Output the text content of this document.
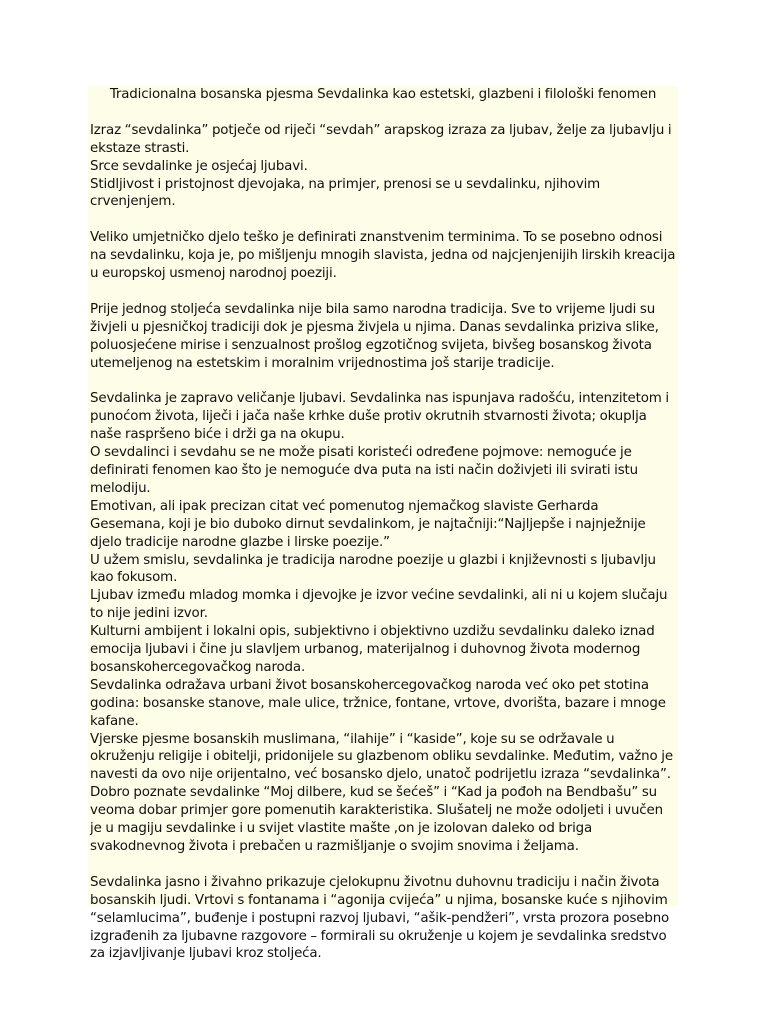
Tradicionalna bosanska pjesma Sevdalinka kao estetski, glazbeni i filološki fenomen
Izraz “sevdalinka” potječe od riječi “sevdah” arapskog izraza za ljubav, želje za ljubavlju i ekstaze strasti.
Srce sevdalinke je osjećaj ljubavi.
Stidljivost i pristojnost djevojaka, na primjer, prenosi se u sevdalinku, njihovim crvenjenjem.
Veliko umjetničko djelo teško je definirati znanstvenim terminima. To se posebno odnosi na sevdalinku, koja je, po mišljenju mnogih slavista, jedna od najcjenjenijih lirskih kreacija u europskoj usmenoj narodnoj poeziji.
Prije jednog stoljeća sevdalinka nije bila samo narodna tradicija. Sve to vrijeme ljudi su živjeli u pjesničkoj tradiciji dok je pjesma živjela u njima. Danas sevdalinka priziva slike, poluosjećene mirise i senzualnost prošlog egzotičnog svijeta, bivšeg bosanskog života utemeljenog na estetskim i moralnim vrijednostima još starije tradicije.
Sevdalinka je zapravo veličanje ljubavi. Sevdalinka nas ispunjava radošću, intenzitetom i punoćom života, liječi i jača naše krhke duše protiv okrutnih stvarnosti života; okuplja naše raspršeno biće i drži ga na okupu.
O sevdalinci i sevdahu se ne može pisati koristeći određene pojmove: nemoguće je definirati fenomen kao što je nemoguće dva puta na isti način doživjeti ili svirati istu melodiju.
Emotivan, ali ipak precizan citat već pomenutog njemačkog slaviste Gerharda Gesemana, koji je bio duboko dirnut sevdalinkom, je najtačniji:“Najljepše i najnježnije djelo tradicije narodne glazbe i lirske poezije.”
U užem smislu, sevdalinka je tradicija narodne poezije u glazbi i književnosti s ljubavlju kao fokusom.
Ljubav između mladog momka i djevojke je izvor većine sevdalinki, ali ni u kojem slučaju to nije jedini izvor.
Kulturni ambijent i lokalni opis, subjektivno i objektivno uzdižu sevdalinku daleko iznad emocija ljubavi i čine ju slavljem urbanog, materijalnog i duhovnog života modernog bosanskohercegovačkog naroda.
Sevdalinka odražava urbani život bosanskohercegovačkog naroda već oko pet stotina godina: bosanske stanove, male ulice, tržnice, fontane, vrtove, dvorišta, bazare i mnoge kafane.
Vjerske pjesme bosanskih muslimana, “ilahije” i “kaside”, koje su se održavale u okruženju religije i obitelji, pridonijele su glazbenom obliku sevdalinke. Međutim, važno je navesti da ovo nije orijentalno, već bosansko djelo, unatoč podrijetlu izraza “sevdalinka”.
Dobro poznate sevdalinke “Moj dilbere, kud se šećeš” i “Kad ja pođoh na Bendbašu” su veoma dobar primjer gore pomenutih karakteristika. Slušatelj ne može odoljeti i uvučen je u magiju sevdalinke i u svijet vlastite mašte ,on je izolovan daleko od briga svakodnevnog života i prebačen u razmišljanje o svojim snovima i željama.
Sevdalinka jasno i živahno prikazuje cjelokupnu životnu duhovnu tradiciju i način života bosanskih ljudi. Vrtovi s fontanama i “agonija cvijeća” u njima, bosanske kuće s njihovim “selamlucima”, buđenje i postupni razvoj ljubavi, “ašik-pendžeri”, vrsta prozora posebno izgrađenih za ljubavne razgovore – formirali su okruženje u kojem je sevdalinka sredstvo za izjavljivanje ljubavi kroz stoljeća.
